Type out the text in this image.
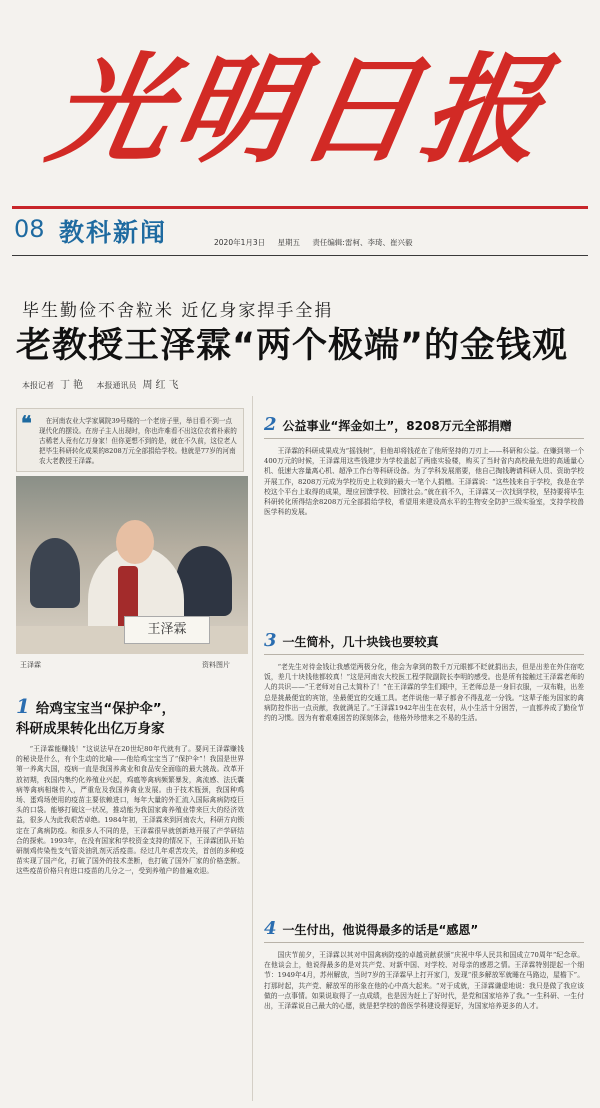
光明日报
08 教科新闻	2020年1月3日 星期五 责任编辑:雷柯、李琦、崔兴毅
毕生勤俭不舍粒米 近亿身家捍手全捐
老教授王泽霖“两个极端”的金钱观
本报记者 丁艳 本报通讯员 周红飞
❝	在河南农业大学家属院39号楼的一个老房子里，举目看不到一点现代化的摆设。在房子主人出现时，你也许难看不出这位衣着朴素的古稀老人竟有亿万身家！但你更想不到的是，就在不久前，这位老人把毕生科研转化成果的8208万元全部捐给学校。他就是77岁的河南农大老教授王泽霖。
王泽霖
王泽霖	资料图片
1 给鸡宝宝当“保护伞”，
科研成果转化出亿万身家
“王泽霖能赚钱！”这说法早在20世纪80年代就有了。要问王泽霖赚钱的秘诀是什么，有个生动的比喻——他给鸡宝宝当了“保护伞”！我国是世界第一养禽大国，疫病一直是我国养禽业和食品安全面临的最大挑战。改革开放初期，我国内集约化养殖业兴起，鸡瘟等禽病频繁暴发，禽流感、法氏囊病等禽病相继传入，严重危及我国养禽业发展。由于技术瓶颈，我国种鸡场、蛋鸡场使用的疫苗主要依赖进口，每年大量的外汇流入国际禽病防疫巨头的口袋。能够打破这一状况，推动能为我国家禽养殖业带来巨大的经济效益，很多人为此我艰苦卓绝。1984年初，王泽霖来到河南农大，科研方向锁定在了禽病防疫。和很多人不同的是，王泽霖很早就创新地开展了产学研结合的探索。1993年，在没有国家和学校资金支持的情况下，王泽霖团队开始研制鸡传染性支气管炎油乳剂灭活疫苗。经过几年艰苦攻关，首创的多种疫苗实现了国产化，打破了国外的技术垄断，也打破了国外厂家的价格垄断。这些疫苗价格只有进口疫苗的几分之一，受到养殖户的普遍欢迎。
2 公益事业“挥金如土”，8208万元全部捐赠
王泽霖的科研成果成为“摇钱树”，但他却将钱花在了他所坚持的刀刃上——科研和公益。在赚到第一个400万元的时候，王泽霖用这些钱建步为学校盖起了两座实验楼，购买了当时省内高校最先进的高通量心机、低速大容量离心机、超净工作台等科研设备。为了学科发展需要，他自己掏钱聘请科研人员、资助学校开展工作，8208万元成为学校历史上收到的最大一笔个人捐赠。王泽霖说：“这些钱来自于学校，我是在学校这个平台上取得的成果，理应回馈学校、回馈社会。”就在前不久，王泽霖又一次找到学校，坚持要将毕生科研转化所得结余8208万元全部捐给学校，希望用来建设高水平的生物安全防护三级实验室，支持学校兽医学科的发展。
3 一生简朴，几十块钱也要较真
“老先生对待金钱让我感觉两极分化，他会为拿到的数千万元眼都不眨就捐出去，但是出差在外住宿吃饭，差几十块钱他都较真！”这是河南农大校医工程学院副院长李明的感受。也是所有接触过王泽霖老师的人的共识——“王老师对自己太简朴了！”在王泽霖的学生们眼中，王老师总是一身旧衣服，一双布鞋，出差总是挑最便宜的宾馆，坐最便宜的交通工具。老伴说他一辈子都舍不得乱花一分钱。“这辈子能为国家的禽病防控作出一点贡献，我就满足了。”王泽霖1942年出生在农村，从小生活十分困苦，一直都养成了勤俭节约的习惯。因为有着艰难困苦的深刻体会，他格外珍惜来之不易的生活。
4 一生付出，他说得最多的话是“感恩”
国庆节前夕，王泽霖以其对中国禽病防疫的卓越贡献获颁“庆祝中华人民共和国成立70周年”纪念章。在他谈会上，他说得最多的是对共产党、对新中国、对学校、对母亲的感恩之情。王泽霖特别提起一个细节：1949年4月，苏州解放，当时7岁的王泽霖早上打开家门，发现“很多解放军就睡在马路边，屋檐下”。打那时起，共产党、解放军的形象在他的心中高大起来。“对于成就，王泽霖谦虚地说：我只是做了我应该做的一点事情。如果说取得了一点成绩，也是因为赶上了好时代，是党和国家培养了我。”一生科研、一生付出，王泽霖说自己最大的心愿，就是把学校的兽医学科建设得更好，为国家培养更多的人才。
